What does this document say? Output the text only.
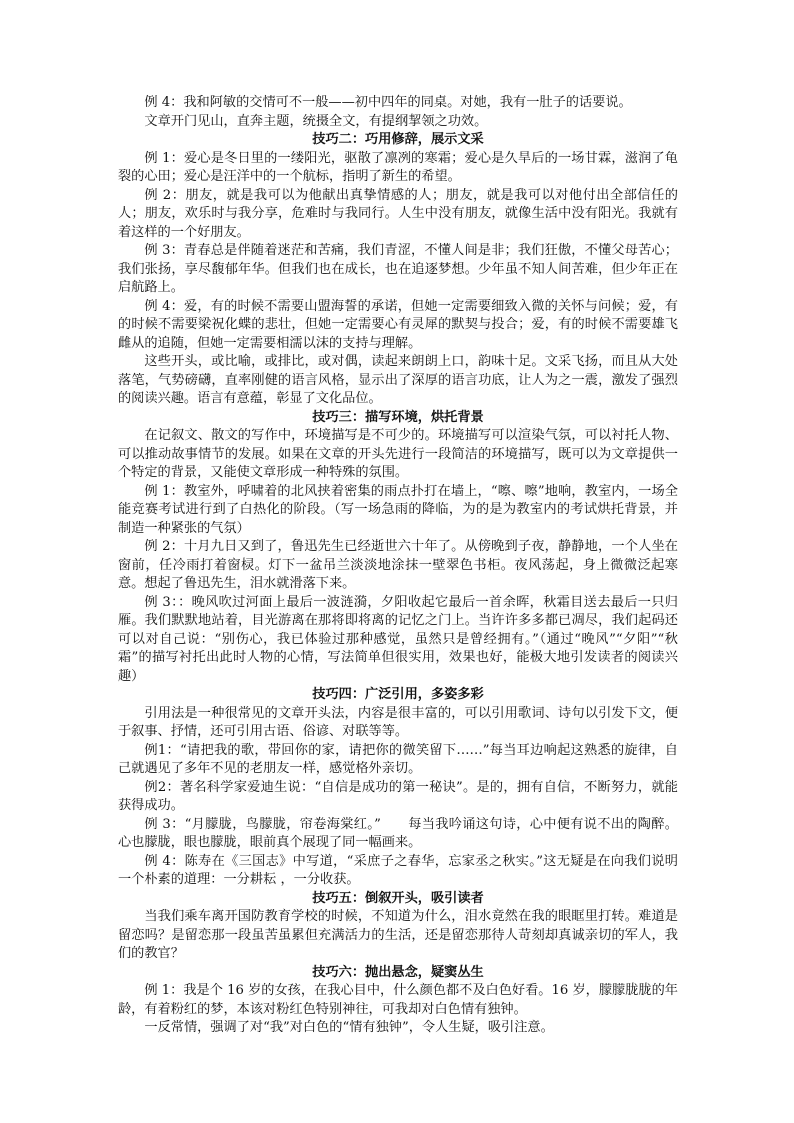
例 4：我和阿敏的交情可不一般——初中四年的同桌。对她，我有一肚子的话要说。

文章开门见山，直奔主题，统摄全文，有提纲挈领之功效。

技巧二：巧用修辞，展示文采

例 1：爱心是冬日里的一缕阳光，驱散了凛冽的寒霜；爱心是久旱后的一场甘霖，滋润了龟裂的心田；爱心是汪洋中的一个航标，指明了新生的希望。

例 2：朋友，就是我可以为他献出真挚情感的人；朋友，就是我可以对他付出全部信任的人；朋友，欢乐时与我分享，危难时与我同行。人生中没有朋友，就像生活中没有阳光。我就有着这样的一个好朋友。

例 3：青春总是伴随着迷茫和苦痛，我们青涩，不懂人间是非；我们狂傲，不懂父母苦心；我们张扬，享尽馥郁年华。但我们也在成长，也在追逐梦想。少年虽不知人间苦难，但少年正在启航路上。

例 4：爱，有的时候不需要山盟海誓的承诺，但她一定需要细致入微的关怀与问候；爱，有的时候不需要梁祝化蝶的悲壮，但她一定需要心有灵犀的默契与投合；爱，有的时候不需要雄飞雌从的追随，但她一定需要相濡以沫的支持与理解。

这些开头，或比喻，或排比，或对偶，读起来朗朗上口，韵味十足。文采飞扬，而且从大处落笔，气势磅礴，直率刚健的语言风格，显示出了深厚的语言功底，让人为之一震，激发了强烈的阅读兴趣。语言有意蕴，彰显了文化品位。

技巧三：描写环境，烘托背景

在记叙文、散文的写作中，环境描写是不可少的。环境描写可以渲染气氛，可以衬托人物、可以推动故事情节的发展。如果在文章的开头先进行一段简洁的环境描写，既可以为文章提供一个特定的背景，又能使文章形成一种特殊的氛围。

例 1：教室外，呼啸着的北风挟着密集的雨点扑打在墙上，“嚓、嚓”地响，教室内，一场全能竞赛考试进行到了白热化的阶段。（写一场急雨的降临，为的是为教室内的考试烘托背景，并制造一种紧张的气氛）

例 2：十月九日又到了，鲁迅先生已经逝世六十年了。从傍晚到子夜，静静地，一个人坐在窗前，任冷雨打着窗棂。灯下一盆吊兰淡淡地涂抹一壁翠色书柜。夜风荡起，身上微微泛起寒意。想起了鲁迅先生，泪水就滑落下来。

例 3：：晚风吹过河面上最后一波涟漪，夕阳收起它最后一首余晖，秋霜目送去最后一只归雁。我们默默地站着，目光游离在那将即将离的记忆之门上。当许许多多都已凋尽，我们起码还可以对自己说：“别伤心，我已体验过那种感觉，虽然只是曾经拥有。”（通过“晚风”“夕阳”“秋霜”的描写衬托出此时人物的心情，写法简单但很实用，效果也好，能极大地引发读者的阅读兴趣）

技巧四：广泛引用，多姿多彩

引用法是一种很常见的文章开头法，内容是很丰富的，可以引用歌词、诗句以引发下文，便于叙事、抒情，还可引用古语、俗谚、对联等等。

例1：“请把我的歌，带回你的家，请把你的微笑留下……”每当耳边响起这熟悉的旋律，自己就遇见了多年不见的老朋友一样，感觉格外亲切。

例2：著名科学家爱迪生说：“自信是成功的第一秘诀”。是的，拥有自信，不断努力，就能获得成功。

例 3：“月朦胧，鸟朦胧，帘卷海棠红。”　　每当我吟诵这句诗，心中便有说不出的陶醉。心也朦胧，眼也朦胧，眼前真个展现了同一幅画来。

例 4：陈寿在《三国志》中写道，“采庶子之春华，忘家丞之秋实。”这无疑是在向我们说明一个朴素的道理：一分耕耘 ，一分收获。

技巧五：倒叙开头，吸引读者

当我们乘车离开国防教育学校的时候，不知道为什么，泪水竟然在我的眼眶里打转。难道是留恋吗？是留恋那一段虽苦虽累但充满活力的生活，还是留恋那待人苛刻却真诚亲切的军人，我们的教官？

技巧六：抛出悬念，疑窦丛生

例 1：我是个 16 岁的女孩，在我心目中，什么颜色都不及白色好看。16 岁，朦朦胧胧的年龄，有着粉红的梦，本该对粉红色特别神往，可我却对白色情有独钟。

一反常情，强调了对“我”对白色的“情有独钟”，令人生疑，吸引注意。
